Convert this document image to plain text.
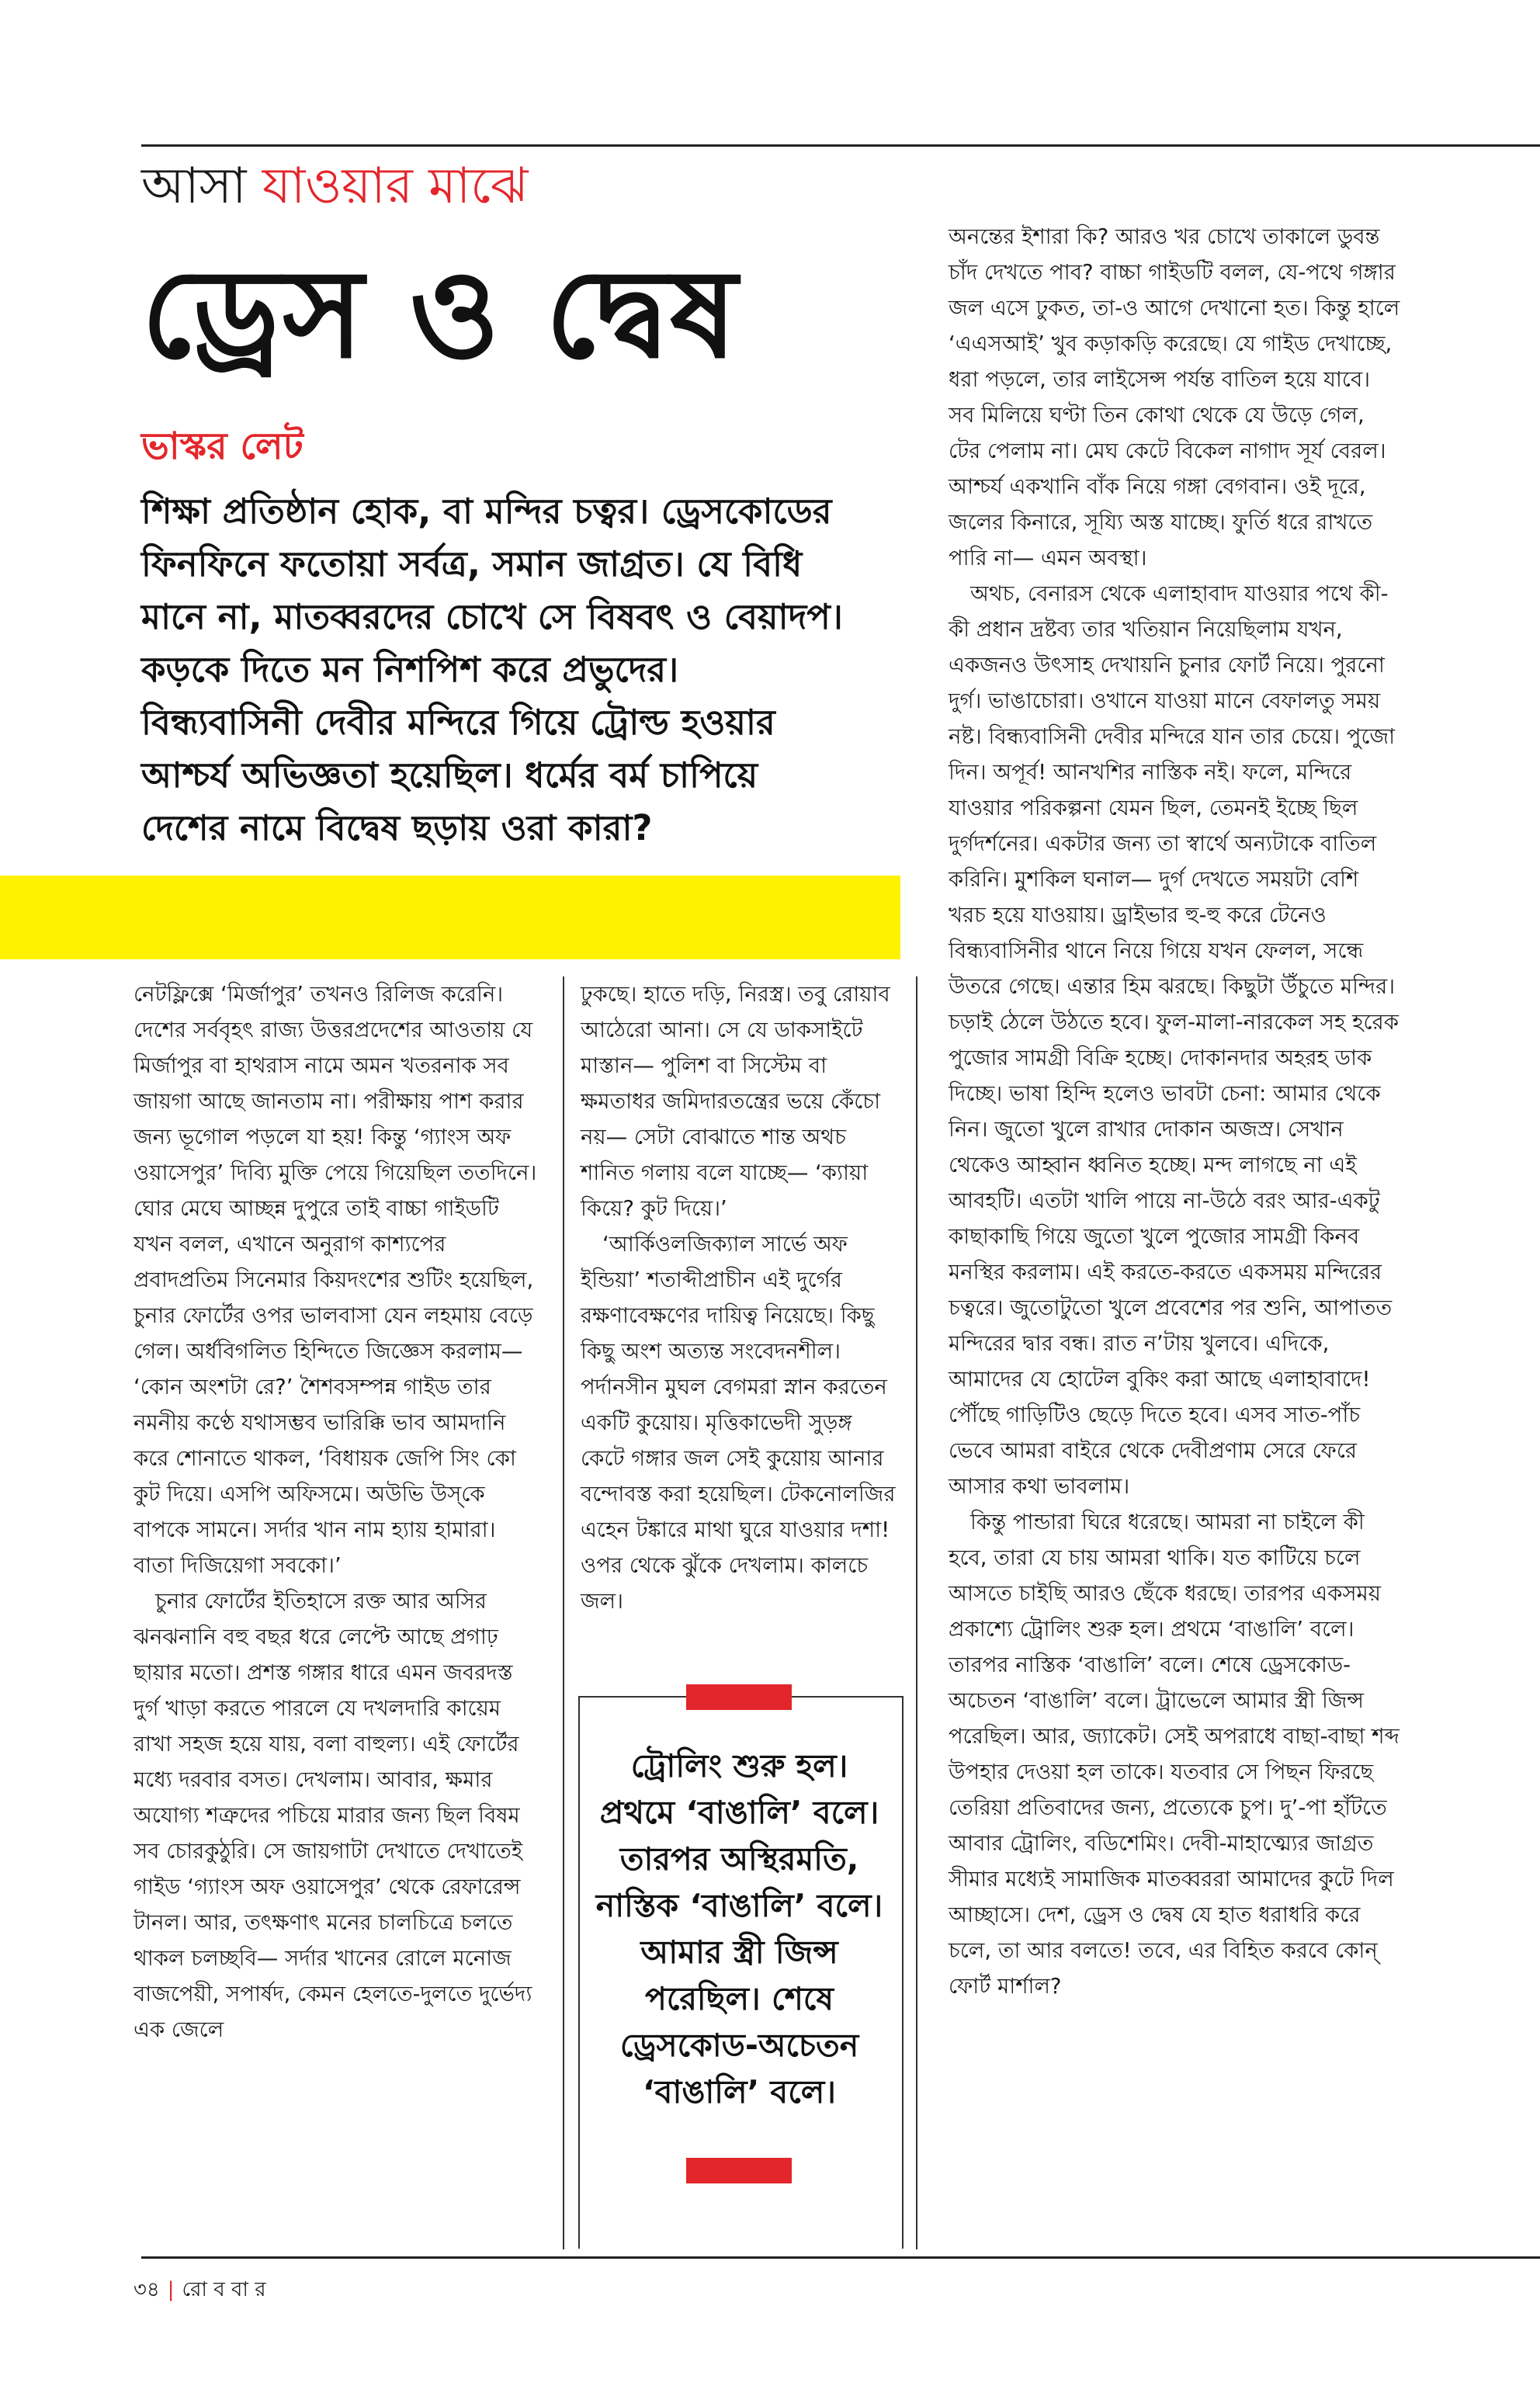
আসা যাওয়ার মাঝে
ড্রেস ও দ্বেষ
ভাস্কর লেট

শিক্ষা প্রতিষ্ঠান হোক, বা মন্দির চত্বর। ড্রেসকোডের

ফিনফিনে ফতোয়া সর্বত্র, সমান জাগ্রত। যে বিধি

মানে না, মাতব্বরদের চোখে সে বিষবৎ ও বেয়াদপ।

কড়কে দিতে মন নিশপিশ করে প্রভুদের।

বিন্ধ্যবাসিনী দেবীর মন্দিরে গিয়ে ট্রোল্ড হওয়ার

আশ্চর্য অভিজ্ঞতা হয়েছিল। ধর্মের বর্ম চাপিয়ে

দেশের নামে বিদ্বেষ ছড়ায় ওরা কারা?

নেটফ্লিক্সে ‘মির্জাপুর’ তখনও রিলিজ করেনি। দেশের সর্ববৃহৎ রাজ্য উত্তরপ্রদেশের আওতায় যে মির্জাপুর বা হাথরাস নামে অমন খতরনাক সব জায়গা আছে জানতাম না। পরীক্ষায় পাশ করার জন্য ভূগোল পড়লে যা হয়! কিন্তু ‘গ্যাংস অফ ওয়াসেপুর’ দিব্যি মুক্তি পেয়ে গিয়েছিল ততদিনে। ঘোর মেঘে আচ্ছন্ন দুপুরে তাই বাচ্চা গাইডটি যখন বলল, এখানে অনুরাগ কাশ্যপের প্রবাদপ্রতিম সিনেমার কিয়দংশের শুটিং হয়েছিল, চুনার ফোর্টের ওপর ভালবাসা যেন লহমায় বেড়ে গেল। অর্ধবিগলিত হিন্দিতে জিজ্ঞেস করলাম— ‘কোন অংশটা রে?’ শৈশবসম্পন্ন গাইড তার নমনীয় কণ্ঠে যথাসম্ভব ভারিক্কি ভাব আমদানি করে শোনাতে থাকল, ‘বিধায়ক জেপি সিং কো কুট দিয়ে। এসপি অফিসমে। অউভি উস্‌কে বাপকে সামনে। সর্দার খান নাম হ্যায় হামারা। বাতা দিজিয়েগা সবকো।’

চুনার ফোর্টের ইতিহাসে রক্ত আর অসির ঝনঝনানি বহু বছর ধরে লেপ্টে আছে প্রগাঢ় ছায়ার মতো। প্রশস্ত গঙ্গার ধারে এমন জবরদস্ত দুর্গ খাড়া করতে পারলে যে দখলদারি কায়েম রাখা সহজ হয়ে যায়, বলা বাহুল্য। এই ফোর্টের মধ্যে দরবার বসত। দেখলাম। আবার, ক্ষমার অযোগ্য শত্রুদের পচিয়ে মারার জন্য ছিল বিষম সব চোরকুঠুরি। সে জায়গাটা দেখাতে দেখাতেই গাইড ‘গ্যাংস অফ ওয়াসেপুর’ থেকে রেফারেন্স টানল। আর, তৎক্ষণাৎ মনের চালচিত্রে চলতে থাকল চলচ্ছবি— সর্দার খানের রোলে মনোজ বাজপেয়ী, সপার্ষদ, কেমন হেলতে-দুলতে দুর্ভেদ্য এক জেলে

ঢুকছে। হাতে দড়ি, নিরস্ত্র। তবু রোয়াব আঠেরো আনা। সে যে ডাকসাইটে মাস্তান— পুলিশ বা সিস্টেম বা ক্ষমতাধর জমিদারতন্ত্রের ভয়ে কেঁচো নয়— সেটা বোঝাতে শান্ত অথচ শানিত গলায় বলে যাচ্ছে— ‘ক্যায়া কিয়ে? কুট দিয়ে।’

‘আর্কিওলজিক্যাল সার্ভে অফ ইন্ডিয়া’ শতাব্দীপ্রাচীন এই দুর্গের রক্ষণাবেক্ষণের দায়িত্ব নিয়েছে। কিছু কিছু অংশ অত্যন্ত সংবেদনশীল। পর্দানসীন মুঘল বেগমরা স্নান করতেন একটি কুয়োয়। মৃত্তিকাভেদী সুড়ঙ্গ কেটে গঙ্গার জল সেই কুয়োয় আনার বন্দোবস্ত করা হয়েছিল। টেকনোলজির এহেন টঙ্কারে মাথা ঘুরে যাওয়ার দশা! ওপর থেকে ঝুঁকে দেখলাম। কালচে জল।

ট্রোলিং শুরু হল। প্রথমে ‘বাঙালি’ বলে। তারপর অস্থিরমতি, নাস্তিক ‘বাঙালি’ বলে। আমার স্ত্রী জিন্স পরেছিল। শেষে ড্রেসকোড-অচেতন ‘বাঙালি’ বলে।

অনন্তের ইশারা কি? আরও খর চোখে তাকালে ডুবন্ত চাঁদ দেখতে পাব? বাচ্চা গাইডটি বলল, যে-পথে গঙ্গার জল এসে ঢুকত, তা-ও আগে দেখানো হত। কিন্তু হালে ‘এএসআই’ খুব কড়াকড়ি করেছে। যে গাইড দেখাচ্ছে, ধরা পড়লে, তার লাইসেন্স পর্যন্ত বাতিল হয়ে যাবে। সব মিলিয়ে ঘণ্টা তিন কোথা থেকে যে উড়ে গেল, টের পেলাম না। মেঘ কেটে বিকেল নাগাদ সূর্য বেরল। আশ্চর্য একখানি বাঁক নিয়ে গঙ্গা বেগবান। ওই দূরে, জলের কিনারে, সূয্যি অস্ত যাচ্ছে। ফুর্তি ধরে রাখতে পারি না— এমন অবস্থা।

অথচ, বেনারস থেকে এলাহাবাদ যাওয়ার পথে কী-কী প্রধান দ্রষ্টব্য তার খতিয়ান নিয়েছিলাম যখন, একজনও উৎসাহ দেখায়নি চুনার ফোর্ট নিয়ে। পুরনো দুর্গ। ভাঙাচোরা। ওখানে যাওয়া মানে বেফালতু সময় নষ্ট। বিন্ধ্যবাসিনী দেবীর মন্দিরে যান তার চেয়ে। পুজো দিন। অপূর্ব! আনখশির নাস্তিক নই। ফলে, মন্দিরে যাওয়ার পরিকল্পনা যেমন ছিল, তেমনই ইচ্ছে ছিল দুর্গদর্শনের। একটার জন্য তা স্বার্থে অন্যটাকে বাতিল করিনি। মুশকিল ঘনাল— দুর্গ দেখতে সময়টা বেশি খরচ হয়ে যাওয়ায়। ড্রাইভার হু-হু করে টেনেও বিন্ধ্যবাসিনীর থানে নিয়ে গিয়ে যখন ফেলল, সন্ধে উতরে গেছে। এন্তার হিম ঝরছে। কিছুটা উঁচুতে মন্দির। চড়াই ঠেলে উঠতে হবে। ফুল-মালা-নারকেল সহ হরেক পুজোর সামগ্রী বিক্রি হচ্ছে। দোকানদার অহরহ ডাক দিচ্ছে। ভাষা হিন্দি হলেও ভাবটা চেনা: আমার থেকে নিন। জুতো খুলে রাখার দোকান অজস্র। সেখান থেকেও আহ্বান ধ্বনিত হচ্ছে। মন্দ লাগছে না এই আবহটি। এতটা খালি পায়ে না-উঠে বরং আর-একটু কাছাকাছি গিয়ে জুতো খুলে পুজোর সামগ্রী কিনব মনস্থির করলাম। এই করতে-করতে একসময় মন্দিরের চত্বরে। জুতোটুতো খুলে প্রবেশের পর শুনি, আপাতত মন্দিরের দ্বার বন্ধ। রাত ন’টায় খুলবে। এদিকে, আমাদের যে হোটেল বুকিং করা আছে এলাহাবাদে! পৌঁছে গাড়িটিও ছেড়ে দিতে হবে। এসব সাত-পাঁচ ভেবে আমরা বাইরে থেকে দেবীপ্রণাম সেরে ফেরে আসার কথা ভাবলাম।

কিন্তু পান্ডারা ঘিরে ধরেছে। আমরা না চাইলে কী হবে, তারা যে চায় আমরা থাকি। যত কাটিয়ে চলে আসতে চাইছি আরও ছেঁকে ধরছে। তারপর একসময় প্রকাশ্যে ট্রোলিং শুরু হল। প্রথমে ‘বাঙালি’ বলে। তারপর নাস্তিক ‘বাঙালি’ বলে। শেষে ড্রেসকোড-অচেতন ‘বাঙালি’ বলে। ট্রাভেলে আমার স্ত্রী জিন্স পরেছিল। আর, জ্যাকেট। সেই অপরাধে বাছা-বাছা শব্দ উপহার দেওয়া হল তাকে। যতবার সে পিছন ফিরছে তেরিয়া প্রতিবাদের জন্য, প্রত্যেকে চুপ। দু’-পা হাঁটতে আবার ট্রোলিং, বডিশেমিং। দেবী-মাহাত্ম্যের জাগ্রত সীমার মধ্যেই সামাজিক মাতব্বররা আমাদের কুটে দিল আচ্ছাসে। দেশ, ড্রেস ও দ্বেষ যে হাত ধরাধরি করে চলে, তা আর বলতে! তবে, এর বিহিত করবে কোন্ ফোর্ট মার্শাল?

৩৪ | রো ব বা র
